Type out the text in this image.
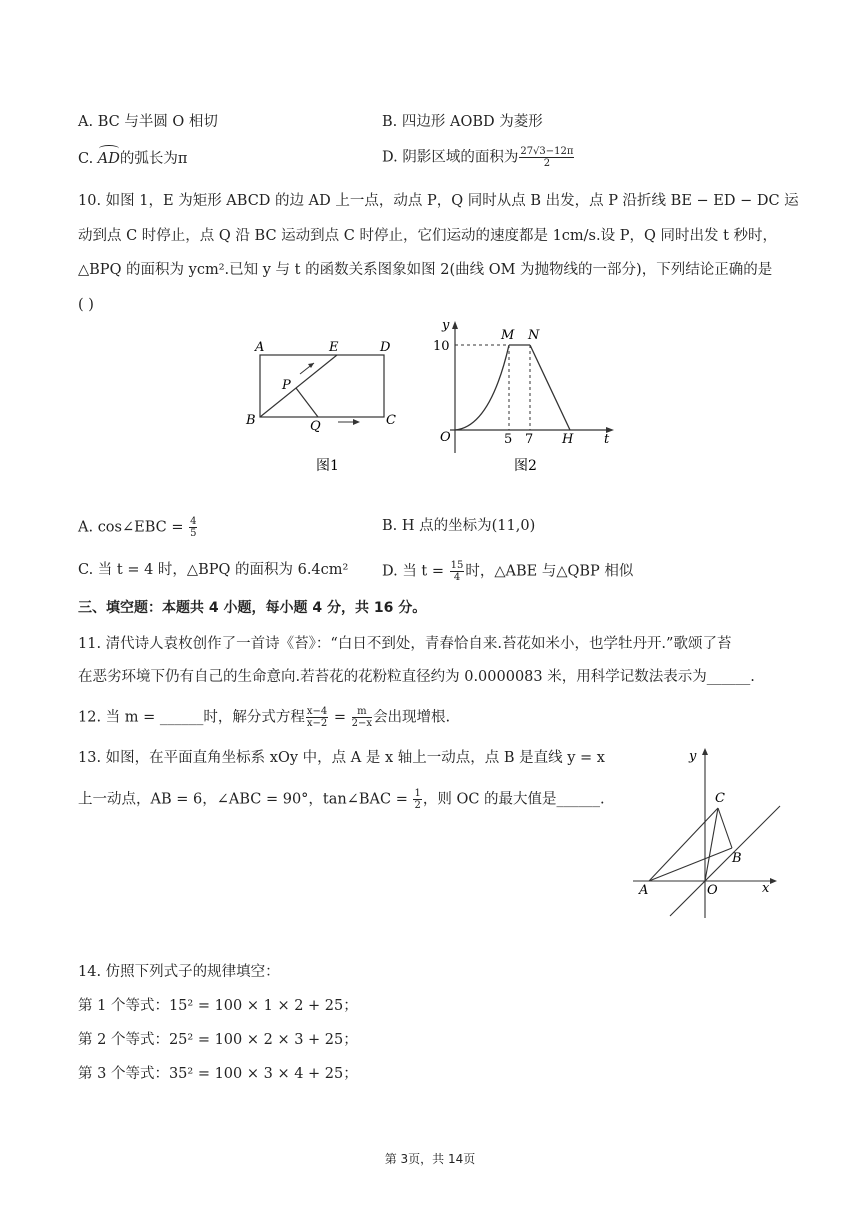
A. BC 与半圆 O 相切	B. 四边形 AOBD 为菱形
C. AD的弧长为π	D. 阴影区域的面积为 $\frac{27√3-12\pi}{2}$
10. 如图 1，E 为矩形 ABCD 的边 AD 上一点，动点 P，Q 同时从点 B 出发，点 P 沿折线 BE − ED − DC 运
动到点 C 时停止，点 Q 沿 BC 运动到点 C 时停止，它们运动的速度都是 1cm/s.设 P，Q 同时出发 t 秒时，
△BPQ 的面积为 ycm².已知 y 与 t 的函数关系图象如图 2(曲线 OM 为抛物线的一部分)，下列结论正确的是
( )
A	E	D
B	C
P
Q
图1
y
t
O
M N
H
10
5 7
图2
A. cos∠EBC = $\frac{4}{5}$	B. H 点的坐标为(11,0)
C. 当 t = 4 时，△BPQ 的面积为 6.4cm² D. 当 $t = \frac{15}{4}$ 时，△ABE 与△QBP 相似
三、填空题：本题共 4 小题，每小题 4 分，共 16 分。
11. 清代诗人袁枚创作了一首诗《苔》：“白日不到处，青春恰自来.苔花如米小，也学牡丹开.”歌颂了苔
在恶劣环境下仍有自己的生命意向.若苔花的花粉粒直径约为 0.0000083 米，用科学记数法表示为______.
12. 当 m = ______时，解分式方程 $\frac{x-4}{x-2} = \frac{m}{2-x}$ 会出现增根.
13. 如图，在平面直角坐标系 xOy 中，点 A 是 x 轴上一动点，点 B 是直线 y = x
上一动点，AB = 6，∠ABC = 90°，tan∠BAC = $\frac{1}{2}$ ，则 OC 的最大值是______.
y
x
A	O
B
C
14. 仿照下列式子的规律填空：
第 1 个等式：15² = 100 × 1 × 2 + 25；
第 2 个等式：25² = 100 × 2 × 3 + 25；
第 3 个等式：35² = 100 × 3 × 4 + 25；
第 3页，共 14页
